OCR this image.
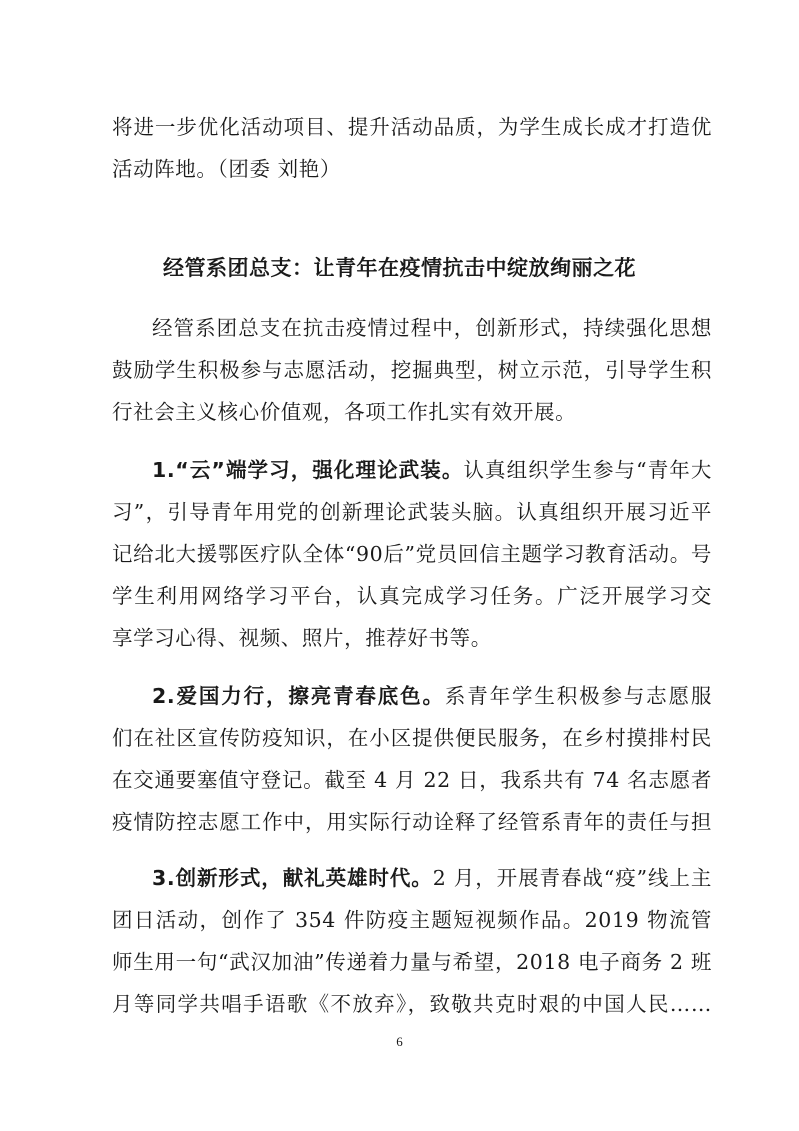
将进一步优化活动项目、提升活动品质，为学生成长成才打造优
活动阵地。（团委 刘艳）
经管系团总支：让青年在疫情抗击中绽放绚丽之花
经管系团总支在抗击疫情过程中，创新形式，持续强化思想
鼓励学生积极参与志愿活动，挖掘典型，树立示范，引导学生积
行社会主义核心价值观，各项工作扎实有效开展。
1.“云”端学习，强化理论武装。认真组织学生参与“青年大
习”，引导青年用党的创新理论武装头脑。认真组织开展习近平
记给北大援鄂医疗队全体“90后”党员回信主题学习教育活动。号
学生利用网络学习平台，认真完成学习任务。广泛开展学习交
享学习心得、视频、照片，推荐好书等。
2.爱国力行，擦亮青春底色。系青年学生积极参与志愿服
们在社区宣传防疫知识，在小区提供便民服务，在乡村摸排村民
在交通要塞值守登记。截至 4 月 22 日，我系共有 74 名志愿者
疫情防控志愿工作中，用实际行动诠释了经管系青年的责任与担
3.创新形式，献礼英雄时代。2 月，开展青春战“疫”线上主
团日活动，创作了 354 件防疫主题短视频作品。2019 物流管
师生用一句“武汉加油”传递着力量与希望，2018 电子商务 2 班
月等同学共唱手语歌《不放弃》，致敬共克时艰的中国人民……
6
